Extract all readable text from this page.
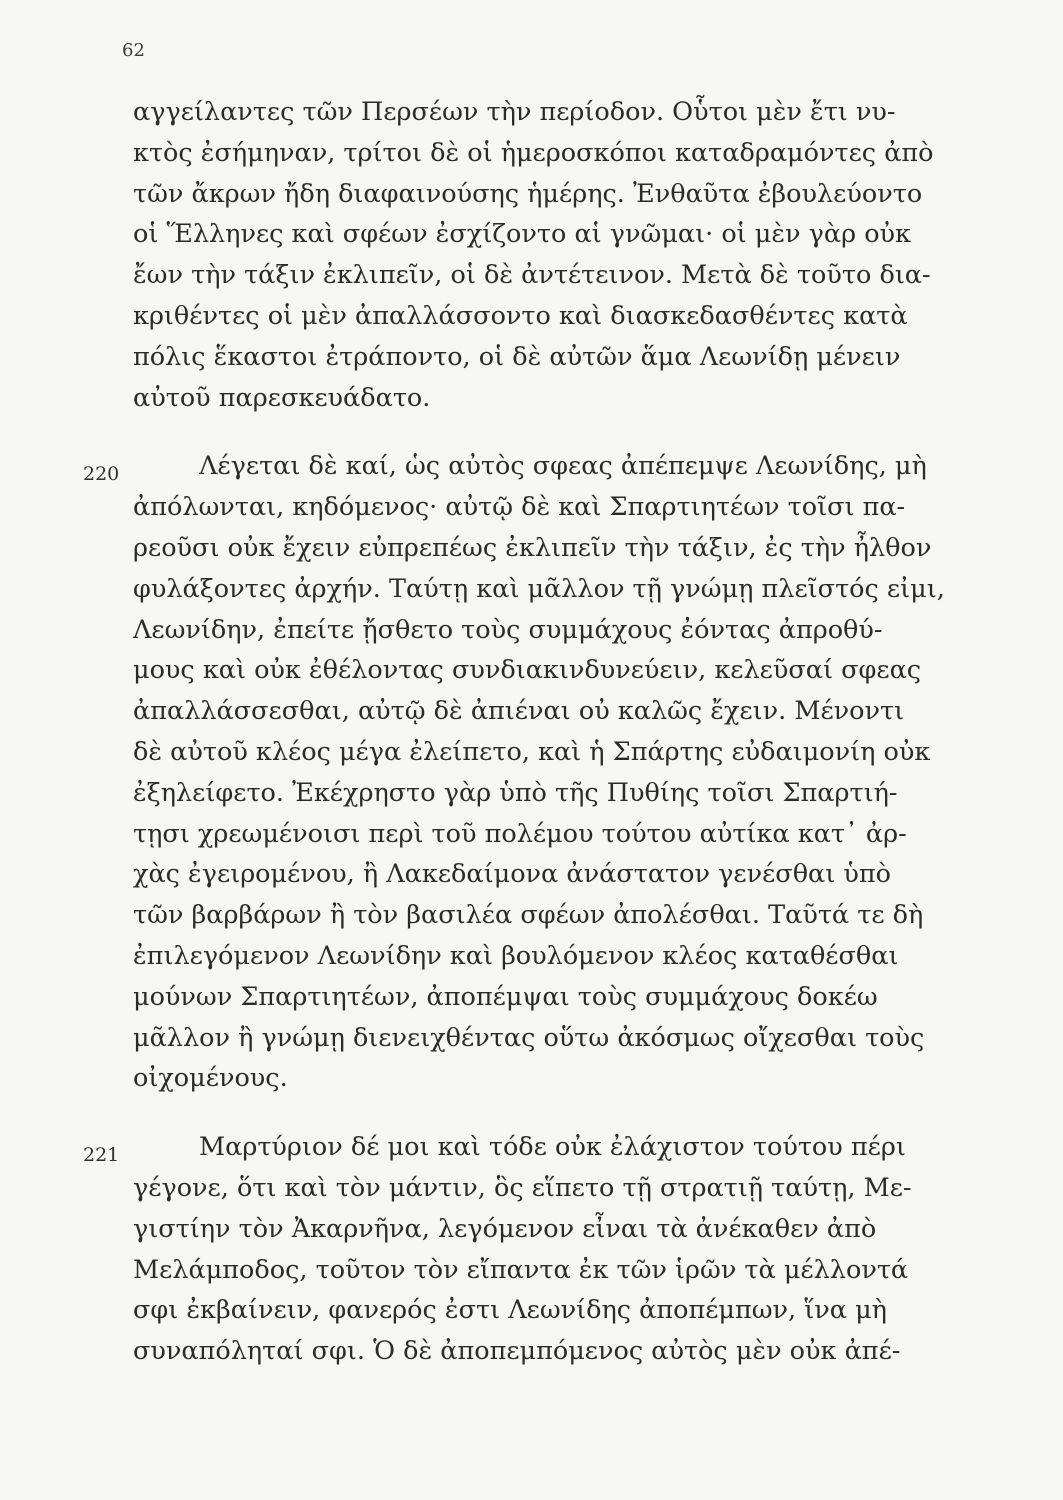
62
αγγείλαντες τῶν Περσέων τὴν περίοδον. Οὗτοι μὲν ἔτι νυ-
κτὸς ἐσήμηναν, τρίτοι δὲ οἱ ἡμεροσκόποι καταδραμόντες ἀπὸ
τῶν ἄκρων ἤδη διαφαινούσης ἡμέρης. Ἐνθαῦτα ἐβουλεύοντο
οἱ Ἕλληνες καὶ σφέων ἐσχίζοντο αἱ γνῶμαι· οἱ μὲν γὰρ οὐκ
ἔων τὴν τάξιν ἐκλιπεῖν, οἱ δὲ ἀντέτεινον. Μετὰ δὲ τοῦτο δια-
κριθέντες οἱ μὲν ἀπαλλάσσοντο καὶ διασκεδασθέντες κατὰ
πόλις ἕκαστοι ἐτράποντο, οἱ δὲ αὐτῶν ἅμα Λεωνίδῃ μένειν
αὐτοῦ παρεσκευάδατο.
220	Λέγεται δὲ καί, ὡς αὐτὸς σφεας ἀπέπεμψε Λεωνίδης, μὴ
ἀπόλωνται, κηδόμενος· αὐτῷ δὲ καὶ Σπαρτιητέων τοῖσι πα-
ρεοῦσι οὐκ ἔχειν εὐπρεπέως ἐκλιπεῖν τὴν τάξιν, ἐς τὴν ἦλθον
φυλάξοντες ἀρχήν. Ταύτῃ καὶ μᾶλλον τῇ γνώμῃ πλεῖστός εἰμι,
Λεωνίδην, ἐπείτε ᾔσθετο τοὺς συμμάχους ἐόντας ἀπροθύ-
μους καὶ οὐκ ἐθέλοντας συνδιακινδυνεύειν, κελεῦσαί σφεας
ἀπαλλάσσεσθαι, αὐτῷ δὲ ἀπιέναι οὐ καλῶς ἔχειν. Μένοντι
δὲ αὐτοῦ κλέος μέγα ἐλείπετο, καὶ ἡ Σπάρτης εὐδαιμονίη οὐκ
ἐξηλείφετο. Ἐκέχρηστο γὰρ ὑπὸ τῆς Πυθίης τοῖσι Σπαρτιή-
τῃσι χρεωμένοισι περὶ τοῦ πολέμου τούτου αὐτίκα κατ᾽ ἀρ-
χὰς ἐγειρομένου, ἢ Λακεδαίμονα ἀνάστατον γενέσθαι ὑπὸ
τῶν βαρβάρων ἢ τὸν βασιλέα σφέων ἀπολέσθαι. Ταῦτά τε δὴ
ἐπιλεγόμενον Λεωνίδην καὶ βουλόμενον κλέος καταθέσθαι
μούνων Σπαρτιητέων, ἀποπέμψαι τοὺς συμμάχους δοκέω
μᾶλλον ἢ γνώμῃ διενειχθέντας οὕτω ἀκόσμως οἴχεσθαι τοὺς
οἰχομένους.
221	Μαρτύριον δέ μοι καὶ τόδε οὐκ ἐλάχιστον τούτου πέρι
γέγονε, ὅτι καὶ τὸν μάντιν, ὃς εἵπετο τῇ στρατιῇ ταύτῃ, Με-
γιστίην τὸν Ἀκαρνῆνα, λεγόμενον εἶναι τὰ ἀνέκαθεν ἀπὸ
Μελάμποδος, τοῦτον τὸν εἴπαντα ἐκ τῶν ἱρῶν τὰ μέλλοντά
σφι ἐκβαίνειν, φανερός ἐστι Λεωνίδης ἀποπέμπων, ἵνα μὴ
συναπόληταί σφι. Ὁ δὲ ἀποπεμπόμενος αὐτὸς μὲν οὐκ ἀπέ-
